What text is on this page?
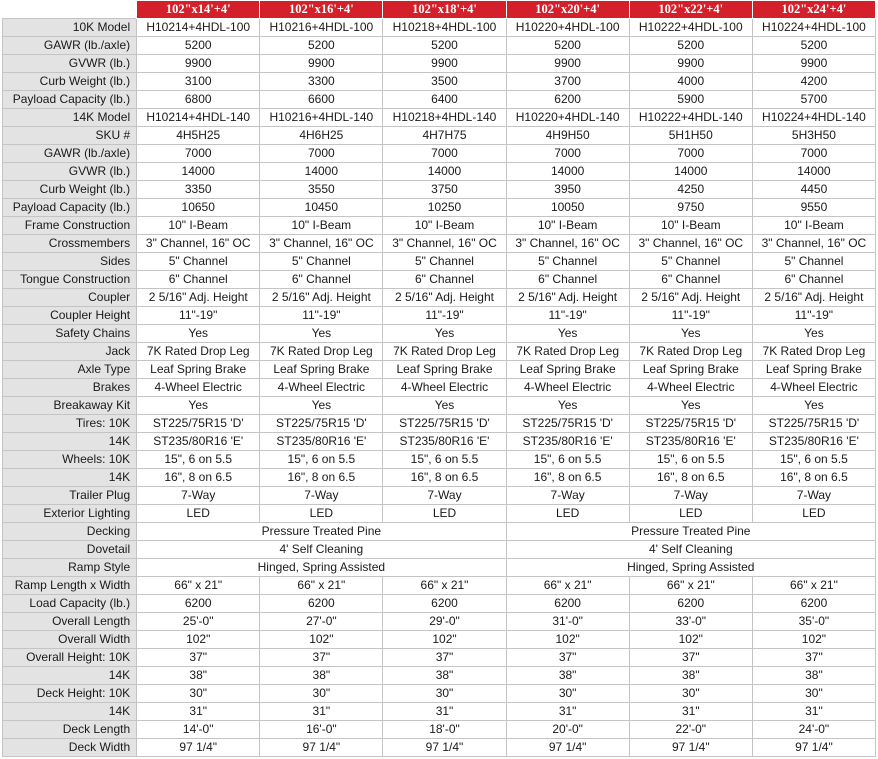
	102"x14'+4'	102"x16'+4'	102"x18'+4'	102"x20'+4'	102"x22'+4'	102"x24'+4'
10K Model	H10214+4HDL-100	H10216+4HDL-100	H10218+4HDL-100	H10220+4HDL-100	H10222+4HDL-100	H10224+4HDL-100
GAWR (lb./axle)	5200	5200	5200	5200	5200	5200
GVWR (lb.)	9900	9900	9900	9900	9900	9900
Curb Weight (lb.)	3100	3300	3500	3700	4000	4200
Payload Capacity (lb.)	6800	6600	6400	6200	5900	5700
14K Model	H10214+4HDL-140	H10216+4HDL-140	H10218+4HDL-140	H10220+4HDL-140	H10222+4HDL-140	H10224+4HDL-140
SKU #	4H5H25	4H6H25	4H7H75	4H9H50	5H1H50	5H3H50
GAWR (lb./axle)	7000	7000	7000	7000	7000	7000
GVWR (lb.)	14000	14000	14000	14000	14000	14000
Curb Weight (lb.)	3350	3550	3750	3950	4250	4450
Payload Capacity (lb.)	10650	10450	10250	10050	9750	9550
Frame Construction	10" I-Beam	10" I-Beam	10" I-Beam	10" I-Beam	10" I-Beam	10" I-Beam
Crossmembers	3" Channel, 16" OC	3" Channel, 16" OC	3" Channel, 16" OC	3" Channel, 16" OC	3" Channel, 16" OC	3" Channel, 16" OC
Sides	5" Channel	5" Channel	5" Channel	5" Channel	5" Channel	5" Channel
Tongue Construction	6" Channel	6" Channel	6" Channel	6" Channel	6" Channel	6" Channel
Coupler	2 5/16" Adj. Height	2 5/16" Adj. Height	2 5/16" Adj. Height	2 5/16" Adj. Height	2 5/16" Adj. Height	2 5/16" Adj. Height
Coupler Height	11"-19"	11"-19"	11"-19"	11"-19"	11"-19"	11"-19"
Safety Chains	Yes	Yes	Yes	Yes	Yes	Yes
Jack	7K Rated Drop Leg	7K Rated Drop Leg	7K Rated Drop Leg	7K Rated Drop Leg	7K Rated Drop Leg	7K Rated Drop Leg
Axle Type	Leaf Spring Brake	Leaf Spring Brake	Leaf Spring Brake	Leaf Spring Brake	Leaf Spring Brake	Leaf Spring Brake
Brakes	4-Wheel Electric	4-Wheel Electric	4-Wheel Electric	4-Wheel Electric	4-Wheel Electric	4-Wheel Electric
Breakaway Kit	Yes	Yes	Yes	Yes	Yes	Yes
Tires: 10K	ST225/75R15 'D'	ST225/75R15 'D'	ST225/75R15 'D'	ST225/75R15 'D'	ST225/75R15 'D'	ST225/75R15 'D'
14K	ST235/80R16 'E'	ST235/80R16 'E'	ST235/80R16 'E'	ST235/80R16 'E'	ST235/80R16 'E'	ST235/80R16 'E'
Wheels: 10K	15", 6 on 5.5	15", 6 on 5.5	15", 6 on 5.5	15", 6 on 5.5	15", 6 on 5.5	15", 6 on 5.5
14K	16", 8 on 6.5	16", 8 on 6.5	16", 8 on 6.5	16", 8 on 6.5	16", 8 on 6.5	16", 8 on 6.5
Trailer Plug	7-Way	7-Way	7-Way	7-Way	7-Way	7-Way
Exterior Lighting	LED	LED	LED	LED	LED	LED
Decking	Pressure Treated Pine			Pressure Treated Pine		
Dovetail	4' Self Cleaning			4' Self Cleaning		
Ramp Style	Hinged, Spring Assisted			Hinged, Spring Assisted		
Ramp Length x Width	66" x 21"	66" x 21"	66" x 21"	66" x 21"	66" x 21"	66" x 21"
Load Capacity (lb.)	6200	6200	6200	6200	6200	6200
Overall Length	25'-0"	27'-0"	29'-0"	31'-0"	33'-0"	35'-0"
Overall Width	102"	102"	102"	102"	102"	102"
Overall Height: 10K	37"	37"	37"	37"	37"	37"
14K	38"	38"	38"	38"	38"	38"
Deck Height: 10K	30"	30"	30"	30"	30"	30"
14K	31"	31"	31"	31"	31"	31"
Deck Length	14'-0"	16'-0"	18'-0"	20'-0"	22'-0"	24'-0"
Deck Width	97 1/4"	97 1/4"	97 1/4"	97 1/4"	97 1/4"	97 1/4"
